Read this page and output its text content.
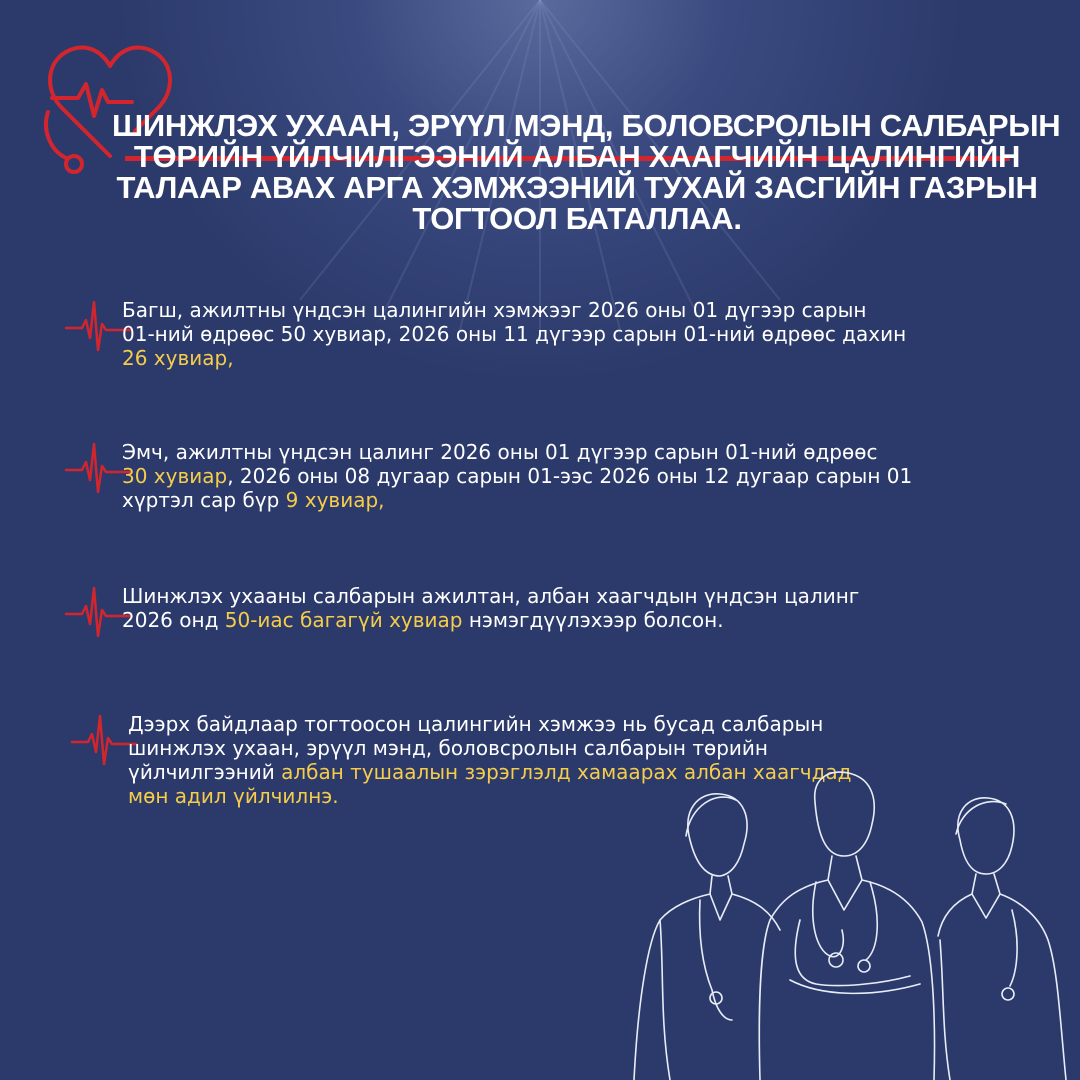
ШИНЖЛЭХ УХААН, ЭРҮҮЛ МЭНД, БОЛОВСРОЛЫН САЛБАРЫН
ТӨРИЙН ҮЙЛЧИЛГЭЭНИЙ АЛБАН ХААГЧИЙН ЦАЛИНГИЙН
ТАЛААР АВАХ АРГА ХЭМЖЭЭНИЙ ТУХАЙ ЗАСГИЙН ГАЗРЫН
ТОГТООЛ БАТАЛЛАА.

Багш, ажилтны үндсэн цалингийн хэмжээг 2026 оны 01 дүгээр сарын
01-ний өдрөөс 50 хувиар, 2026 оны 11 дүгээр сарын 01-ний өдрөөс дахин
26 хувиар,

Эмч, ажилтны үндсэн цалинг 2026 оны 01 дүгээр сарын 01-ний өдрөөс
30 хувиар, 2026 оны 08 дугаар сарын 01-ээс 2026 оны 12 дугаар сарын 01
хүртэл сар бүр 9 хувиар,

Шинжлэх ухааны салбарын ажилтан, албан хаагчдын үндсэн цалинг
2026 онд 50-иас багагүй хувиар нэмэгдүүлэхээр болсон.

Дээрх байдлаар тогтоосон цалингийн хэмжээ нь бусад салбарын
шинжлэх ухаан, эрүүл мэнд, боловсролын салбарын төрийн
үйлчилгээний албан тушаалын зэрэглэлд хамаарах албан хаагчдад
мөн адил үйлчилнэ.
